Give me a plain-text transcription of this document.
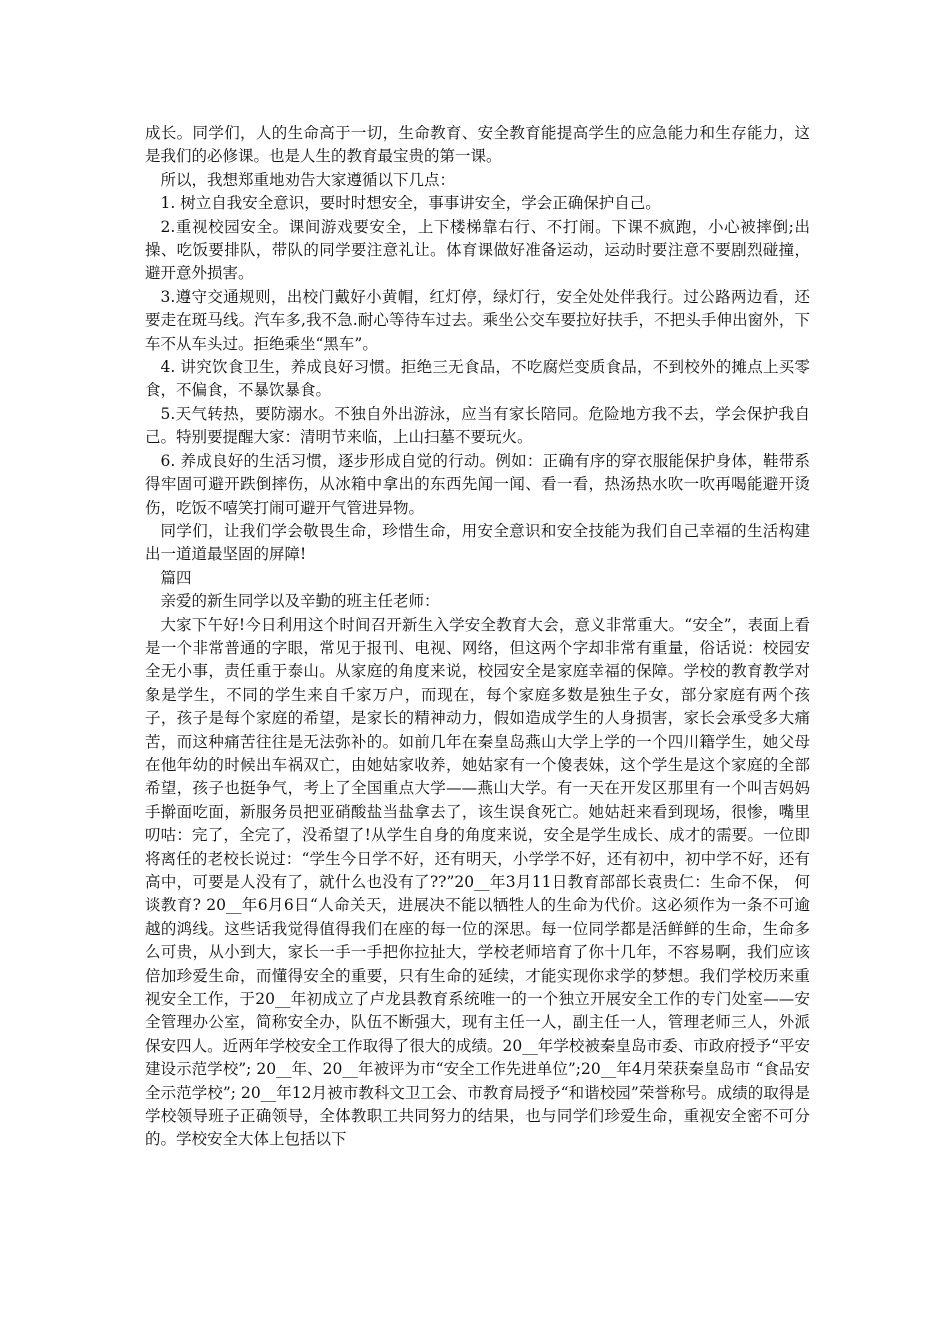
成长。同学们，人的生命高于一切，生命教育、安全教育能提高学生的应急能力和生存能力，这是我们的必修课。也是人生的教育最宝贵的第一课。

所以，我想郑重地劝告大家遵循以下几点：

1. 树立自我安全意识，要时时想安全，事事讲安全，学会正确保护自己。

2.重视校园安全。课间游戏要安全，上下楼梯靠右行、不打闹。下课不疯跑，小心被摔倒;出操、吃饭要排队，带队的同学要注意礼让。体育课做好准备运动，运动时要注意不要剧烈碰撞，避开意外损害。

3.遵守交通规则，出校门戴好小黄帽，红灯停，绿灯行，安全处处伴我行。过公路两边看，还要走在斑马线。汽车多,我不急.耐心等待车过去。乘坐公交车要拉好扶手，不把头手伸出窗外，下车不从车头过。拒绝乘坐“黑车”。

4. 讲究饮食卫生，养成良好习惯。拒绝三无食品，不吃腐烂变质食品，不到校外的摊点上买零食，不偏食，不暴饮暴食。

5.天气转热，要防溺水。不独自外出游泳，应当有家长陪同。危险地方我不去，学会保护我自己。特别要提醒大家：清明节来临，上山扫墓不要玩火。

6. 养成良好的生活习惯，逐步形成自觉的行动。例如：正确有序的穿衣服能保护身体，鞋带系得牢固可避开跌倒摔伤，从冰箱中拿出的东西先闻一闻、看一看，热汤热水吹一吹再喝能避开烫伤，吃饭不嘻笑打闹可避开气管进异物。

同学们，让我们学会敬畏生命，珍惜生命，用安全意识和安全技能为我们自己幸福的生活构建出一道道最坚固的屏障!

篇四

亲爱的新生同学以及辛勤的班主任老师：

大家下午好!今日利用这个时间召开新生入学安全教育大会，意义非常重大。“安全”，表面上看是一个非常普通的字眼，常见于报刊、电视、网络，但这两个字却非常有重量，俗话说：校园安全无小事，责任重于泰山。从家庭的角度来说，校园安全是家庭幸福的保障。学校的教育教学对象是学生，不同的学生来自千家万户，而现在，每个家庭多数是独生子女，部分家庭有两个孩子，孩子是每个家庭的希望，是家长的精神动力，假如造成学生的人身损害，家长会承受多大痛苦，而这种痛苦往往是无法弥补的。如前几年在秦皇岛燕山大学上学的一个四川籍学生，她父母在他年幼的时候出车祸双亡，由她姑家收养，她姑家有一个傻表妹，这个学生是这个家庭的全部希望，孩子也挺争气，考上了全国重点大学——燕山大学。有一天在开发区那里有一个叫吉妈妈手擀面吃面，新服务员把亚硝酸盐当盐拿去了，该生误食死亡。她姑赶来看到现场，很惨，嘴里叨咕：完了，全完了，没希望了!从学生自身的角度来说，安全是学生成长、成才的需要。一位即将离任的老校长说过：“学生今日学不好，还有明天，小学学不好，还有初中，初中学不好，还有高中，可要是人没有了，就什么也没有了??”20__年3月11日教育部部长袁贵仁：生命不保， 何谈教育? 20__年6月6日“人命关天，进展决不能以牺牲人的生命为代价。这必须作为一条不可逾越的鸿线。这些话我觉得值得我们在座的每一位的深思。每一位同学都是活鲜鲜的生命，生命多么可贵，从小到大，家长一手一手把你拉扯大，学校老师培育了你十几年，不容易啊，我们应该倍加珍爱生命，而懂得安全的重要，只有生命的延续，才能实现你求学的梦想。我们学校历来重视安全工作，于20__年初成立了卢龙县教育系统唯一的一个独立开展安全工作的专门处室——安全管理办公室，简称安全办，队伍不断强大，现有主任一人，副主任一人，管理老师三人，外派保安四人。近两年学校安全工作取得了很大的成绩。20__年学校被秦皇岛市委、市政府授予“平安建设示范学校”; 20__年、20__年被评为市“安全工作先进单位”;20__年4月荣获秦皇岛市 “食品安全示范学校”; 20__年12月被市教科文卫工会、市教育局授予“和谐校园”荣誉称号。成绩的取得是学校领导班子正确领导，全体教职工共同努力的结果，也与同学们珍爱生命，重视安全密不可分的。学校安全大体上包括以下
